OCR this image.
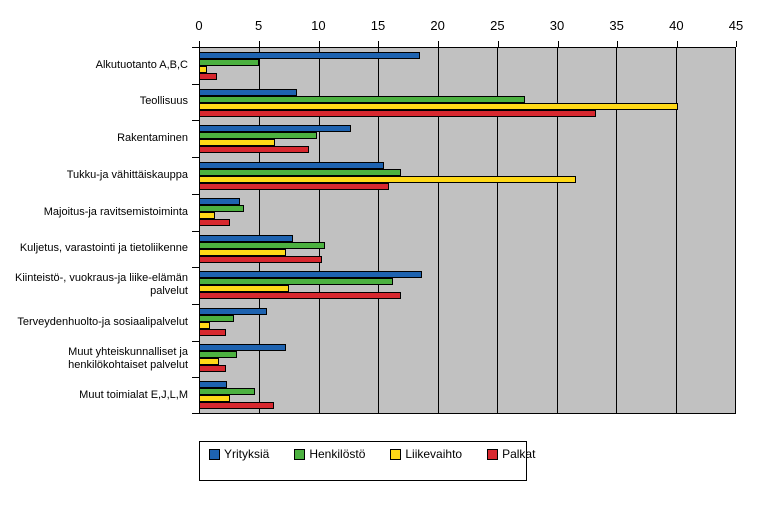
0	5	10	15	20	25	30	35	40	45
Alkutuotanto A,B,C
Teollisuus
Rakentaminen
Tukku-ja vähittäiskauppa
Majoitus-ja ravitsemistoiminta
Kuljetus, varastointi ja tietoliikenne
Kiinteistö-, vuokraus-ja liike-elämän palvelut
Terveydenhuolto-ja sosiaalipalvelut
Muut yhteiskunnalliset ja henkilökohtaiset palvelut
Muut toimialat E,J,L,M
Yrityksiä	Henkilöstö	Liikevaihto	Palkat
